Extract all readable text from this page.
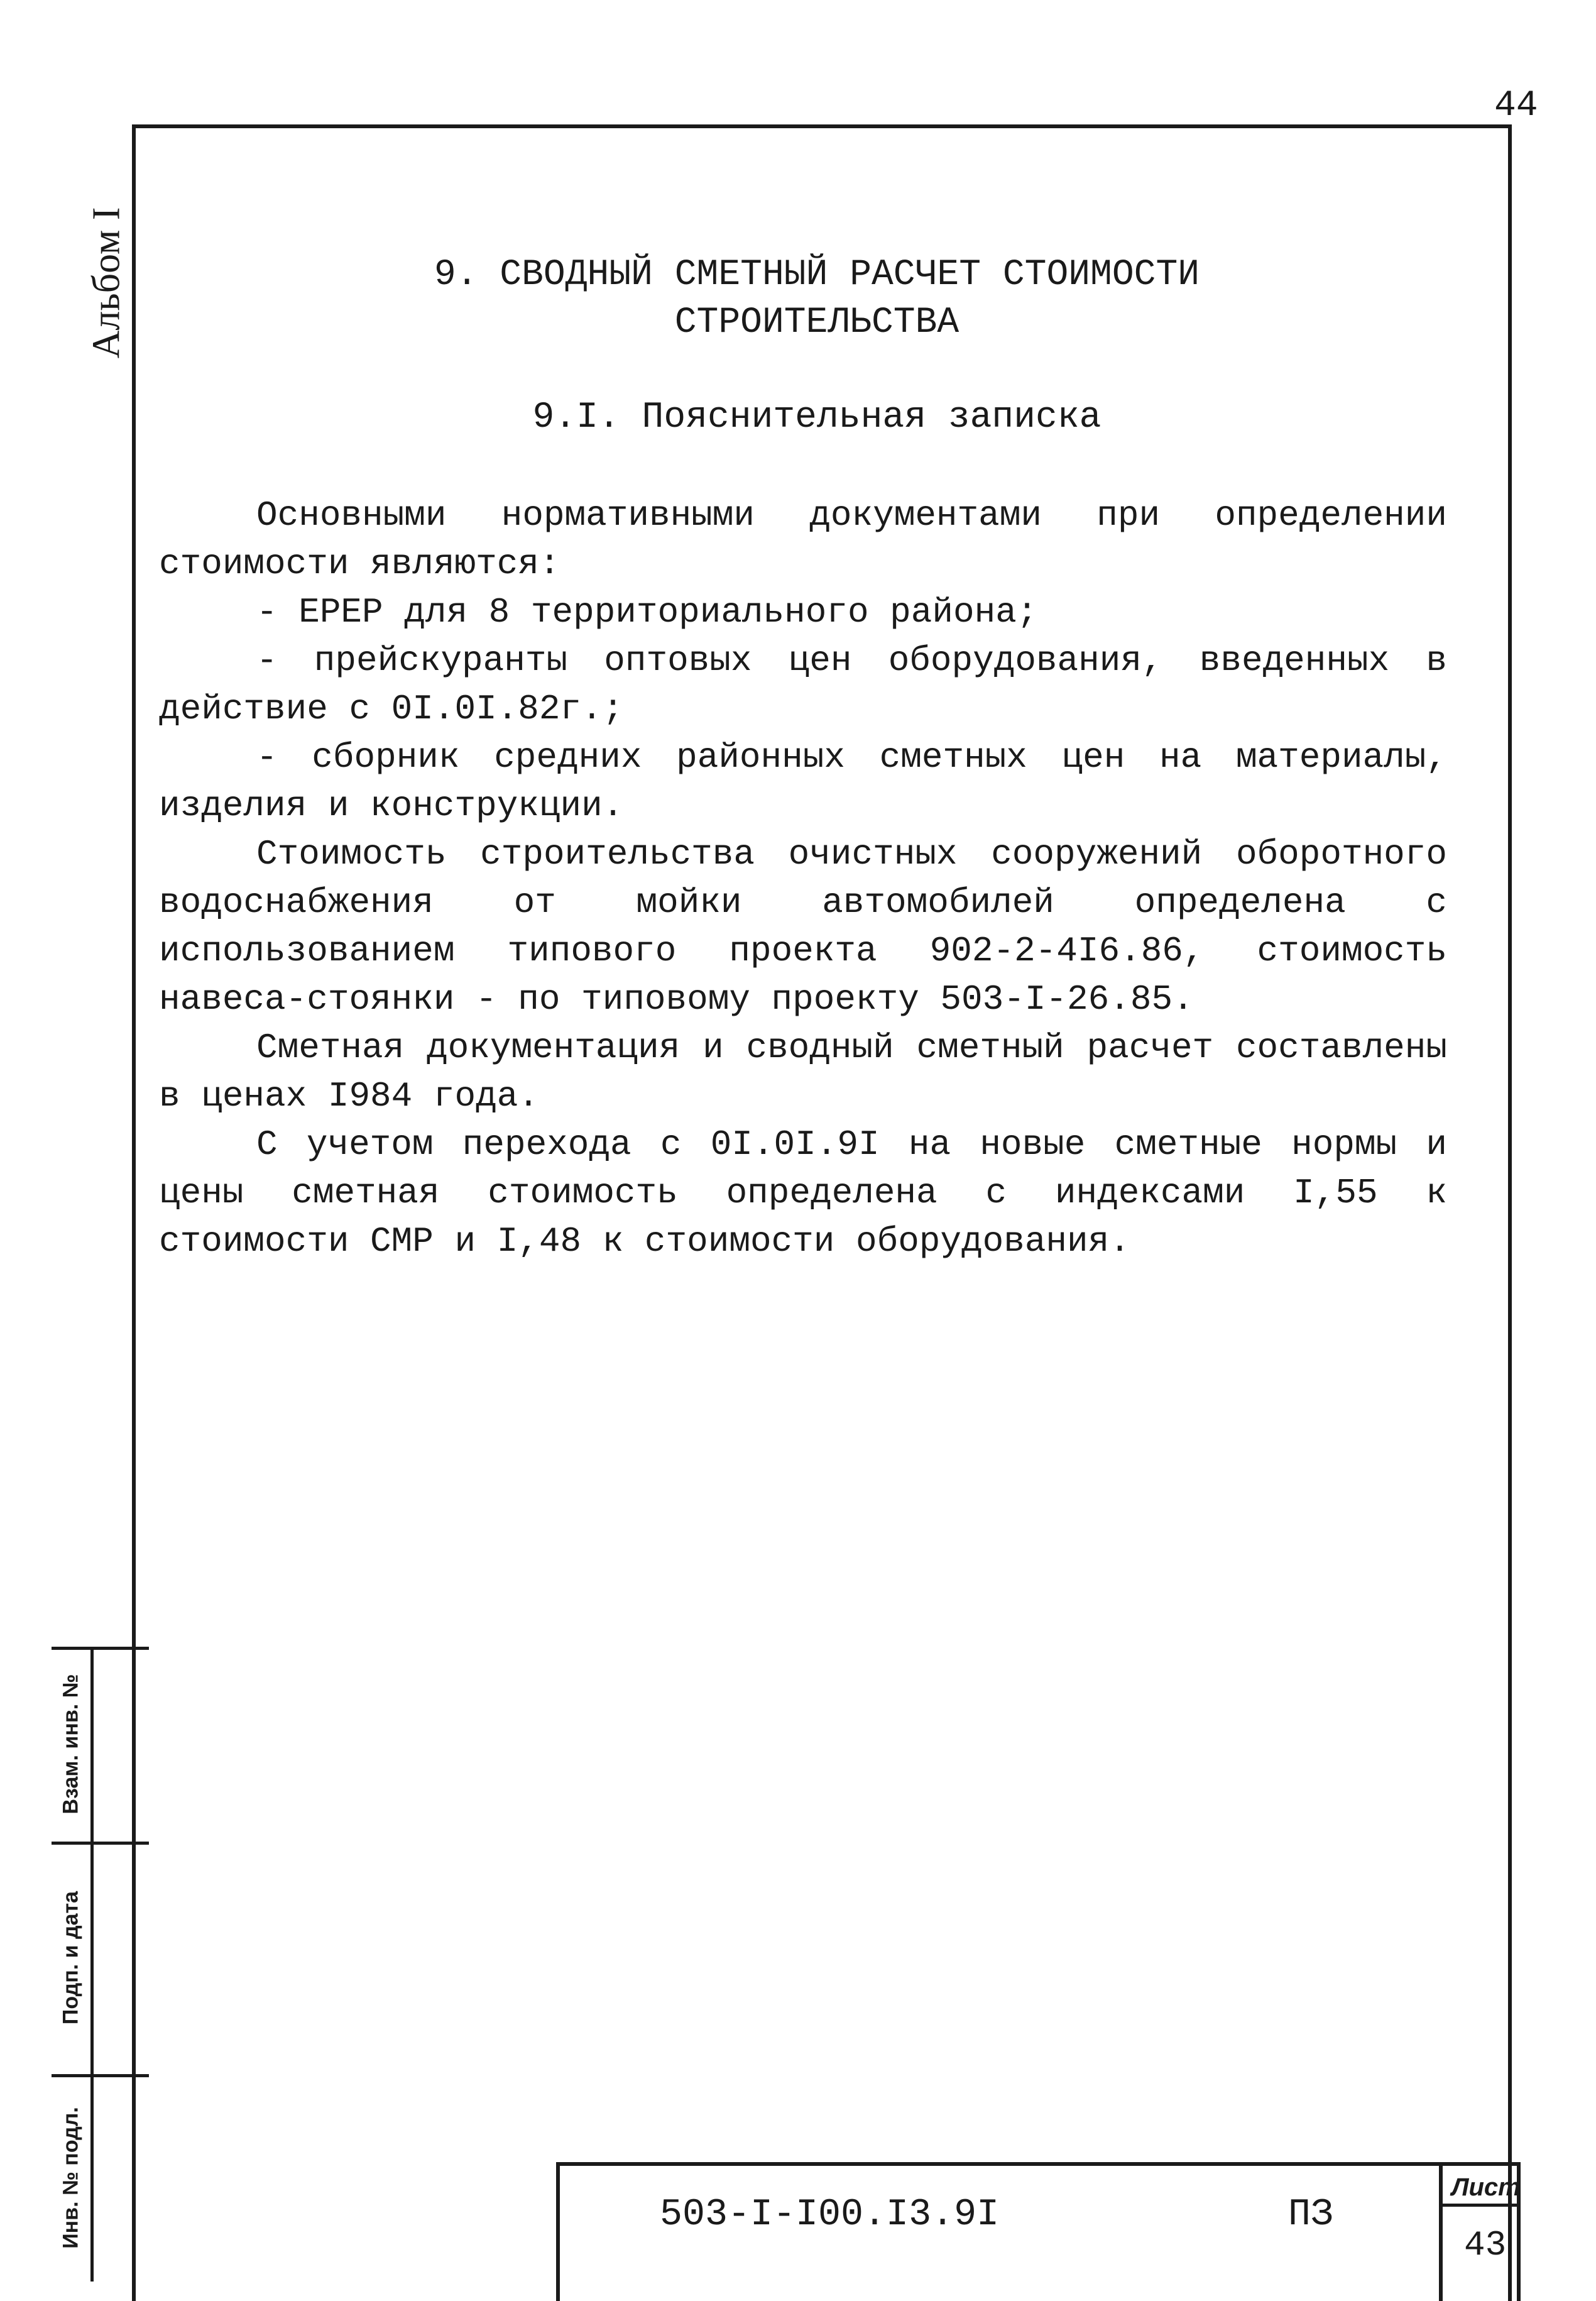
44
Альбом I	9. СВОДНЫЙ СМЕТНЫЙ РАСЧЕТ СТОИМОСТИ
СТРОИТЕЛЬСТВА
9.I. Пояснительная записка

Основными нормативными документами при определении стоимости являются:

- ЕРЕР для 8 территориального района;

- прейскуранты оптовых цен оборудования, введенных в действие с 0I.0I.82г.;

- сборник средних районных сметных цен на материалы, изделия и конструкции.

Стоимость строительства очистных сооружений оборотного водоснабжения от мойки автомобилей определена с использованием типового проекта 902-2-4I6.86, стоимость навеса-стоянки - по типовому проекту 503-I-26.85.

Сметная документация и сводный сметный расчет составлены в ценах I984 года.

С учетом перехода с 0I.0I.9I на новые сметные нормы и цены сметная стоимость определена с индексами I,55 к стоимости СМР и I,48 к стоимости оборудования.

Взам. инв. №
Подп. и дата
Инв. № подл.	503-I-I00.I3.9I	ПЗ
Лист
43
